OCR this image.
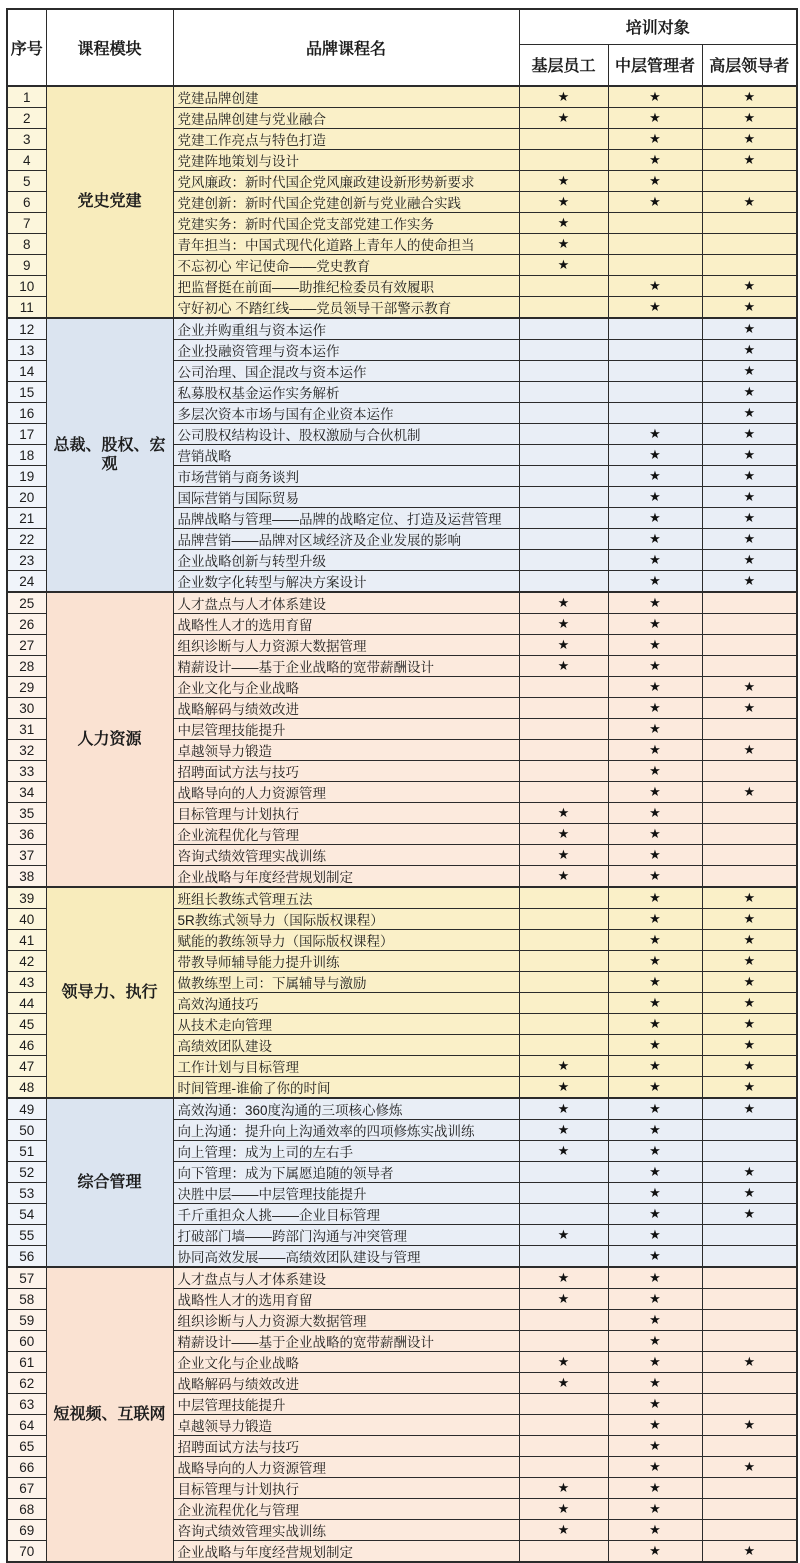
序号	课程模块	品牌课程名	培训对象		
			基层员工	中层管理者	高层领导者
1	党史党建	党建品牌创建	★	★	★
2		党建品牌创建与党业融合	★	★	★
3		党建工作亮点与特色打造		★	★
4		党建阵地策划与设计		★	★
5		党风廉政：新时代国企党风廉政建设新形势新要求	★	★	
6		党建创新：新时代国企党建创新与党业融合实践	★	★	★
7		党建实务：新时代国企党支部党建工作实务	★		
8		青年担当：中国式现代化道路上青年人的使命担当	★		
9		不忘初心 牢记使命——党史教育	★		
10		把监督挺在前面——助推纪检委员有效履职		★	★
11		守好初心 不踏红线——党员领导干部警示教育		★	★
12	总裁、股权、宏观	企业并购重组与资本运作			★
13		企业投融资管理与资本运作			★
14		公司治理、国企混改与资本运作			★
15		私募股权基金运作实务解析			★
16		多层次资本市场与国有企业资本运作			★
17		公司股权结构设计、股权激励与合伙机制		★	★
18		营销战略		★	★
19		市场营销与商务谈判		★	★
20		国际营销与国际贸易		★	★
21		品牌战略与管理——品牌的战略定位、打造及运营管理		★	★
22		品牌营销——品牌对区域经济及企业发展的影响		★	★
23		企业战略创新与转型升级		★	★
24		企业数字化转型与解决方案设计		★	★
25	人力资源	人才盘点与人才体系建设	★	★	
26		战略性人才的选用育留	★	★	
27		组织诊断与人力资源大数据管理	★	★	
28		精薪设计——基于企业战略的宽带薪酬设计	★	★	
29		企业文化与企业战略		★	★
30		战略解码与绩效改进		★	★
31		中层管理技能提升		★	
32		卓越领导力锻造		★	★
33		招聘面试方法与技巧		★	
34		战略导向的人力资源管理		★	★
35		目标管理与计划执行	★	★	
36		企业流程优化与管理	★	★	
37		咨询式绩效管理实战训练	★	★	
38		企业战略与年度经营规划制定	★	★	
39	领导力、执行	班组长教练式管理五法		★	★
40		5R教练式领导力（国际版权课程）		★	★
41		赋能的教练领导力（国际版权课程）		★	★
42		带教导师辅导能力提升训练		★	★
43		做教练型上司：下属辅导与激励		★	★
44		高效沟通技巧		★	★
45		从技术走向管理		★	★
46		高绩效团队建设		★	★
47		工作计划与目标管理	★	★	★
48		时间管理-谁偷了你的时间	★	★	★
49	综合管理	高效沟通：360度沟通的三项核心修炼	★	★	★
50		向上沟通：提升向上沟通效率的四项修炼实战训练	★	★	
51		向上管理：成为上司的左右手	★	★	
52		向下管理：成为下属愿追随的领导者		★	★
53		决胜中层——中层管理技能提升		★	★
54		千斤重担众人挑——企业目标管理		★	★
55		打破部门墙——跨部门沟通与冲突管理	★	★	
56		协同高效发展——高绩效团队建设与管理		★	
57	短视频、互联网	人才盘点与人才体系建设	★	★	
58		战略性人才的选用育留	★	★	
59		组织诊断与人力资源大数据管理		★	
60		精薪设计——基于企业战略的宽带薪酬设计		★	
61		企业文化与企业战略	★	★	★
62		战略解码与绩效改进	★	★	
63		中层管理技能提升		★	
64		卓越领导力锻造		★	★
65		招聘面试方法与技巧		★	
66		战略导向的人力资源管理		★	★
67		目标管理与计划执行	★	★	
68		企业流程优化与管理	★	★	
69		咨询式绩效管理实战训练	★	★	
70		企业战略与年度经营规划制定		★	★
